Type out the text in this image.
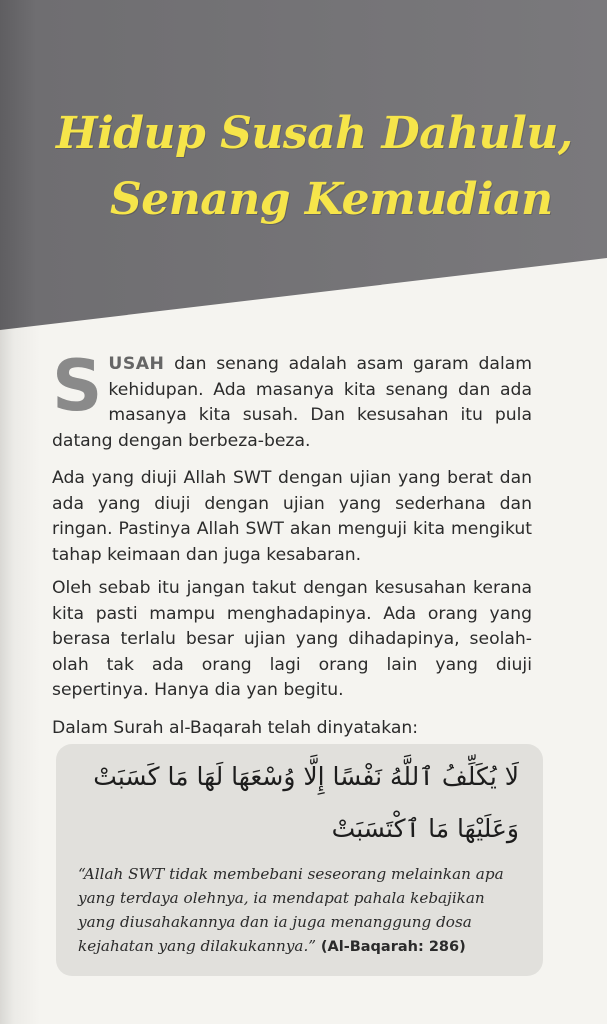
Hidup Susah Dahulu,
Senang Kemudian

SUSAH dan senang adalah asam garam dalam kehidupan. Ada masanya kita senang dan ada masanya kita susah. Dan kesusahan itu pula datang dengan berbeza-beza.

Ada yang diuji Allah SWT dengan ujian yang berat dan ada yang diuji dengan ujian yang sederhana dan ringan. Pastinya Allah SWT akan menguji kita mengikut tahap keimaan dan juga kesabaran.

Oleh sebab itu jangan takut dengan kesusahan kerana kita pasti mampu menghadapinya. Ada orang yang berasa terlalu besar ujian yang dihadapinya, seolah-olah tak ada orang lagi orang lain yang diuji sepertinya. Hanya dia yan begitu.

Dalam Surah al-Baqarah telah dinyatakan:

لَا يُكَلِّفُ ٱللَّهُ نَفْسًا إِلَّا وُسْعَهَا لَهَا مَا كَسَبَتْ

وَعَلَيْهَا مَا ٱكْتَسَبَتْ

“Allah SWT tidak membebani seseorang melainkan apa yang terdaya olehnya, ia mendapat pahala kebajikan yang diusahakannya dan ia juga menanggung dosa kejahatan yang dilakukannya.” (Al-Baqarah: 286)
